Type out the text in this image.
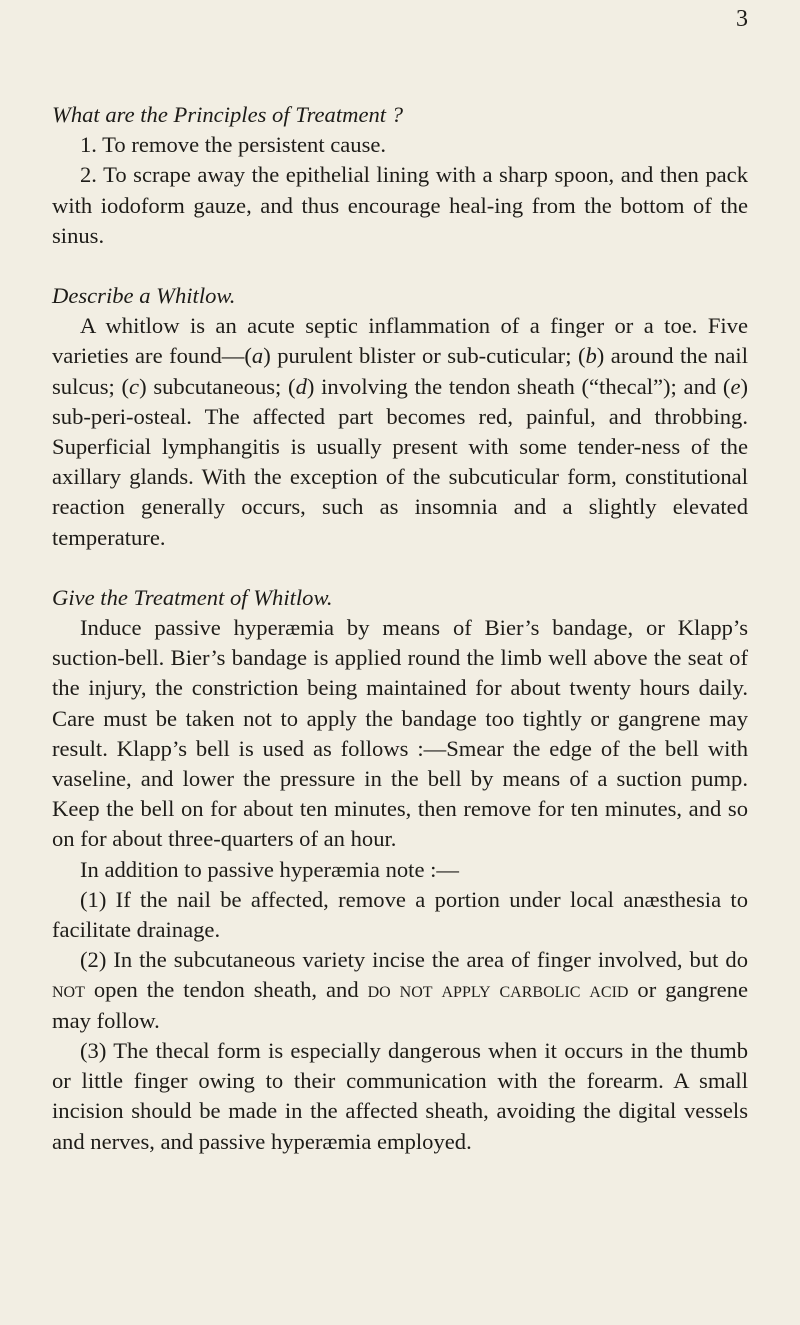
3

What are the Principles of Treatment ?

1. To remove the persistent cause.

2. To scrape away the epithelial lining with a sharp spoon, and then pack with iodoform gauze, and thus encourage heal-ing from the bottom of the sinus.

Describe a Whitlow.

A whitlow is an acute septic inflammation of a finger or a toe. Five varieties are found—(a) purulent blister or sub-cuticular; (b) around the nail sulcus; (c) subcutaneous; (d) involving the tendon sheath (“thecal”); and (e) sub-peri-osteal. The affected part becomes red, painful, and throbbing. Superficial lymphangitis is usually present with some tender-ness of the axillary glands. With the exception of the subcuticular form, constitutional reaction generally occurs, such as insomnia and a slightly elevated temperature.

Give the Treatment of Whitlow.

Induce passive hyperæmia by means of Bier’s bandage, or Klapp’s suction-bell. Bier’s bandage is applied round the limb well above the seat of the injury, the constriction being maintained for about twenty hours daily. Care must be taken not to apply the bandage too tightly or gangrene may result. Klapp’s bell is used as follows :—Smear the edge of the bell with vaseline, and lower the pressure in the bell by means of a suction pump. Keep the bell on for about ten minutes, then remove for ten minutes, and so on for about three-quarters of an hour.

In addition to passive hyperæmia note :—

(1) If the nail be affected, remove a portion under local anæsthesia to facilitate drainage.

(2) In the subcutaneous variety incise the area of finger involved, but do not open the tendon sheath, and do not apply carbolic acid or gangrene may follow.

(3) The thecal form is especially dangerous when it occurs in the thumb or little finger owing to their communication with the forearm. A small incision should be made in the affected sheath, avoiding the digital vessels and nerves, and passive hyperæmia employed.
